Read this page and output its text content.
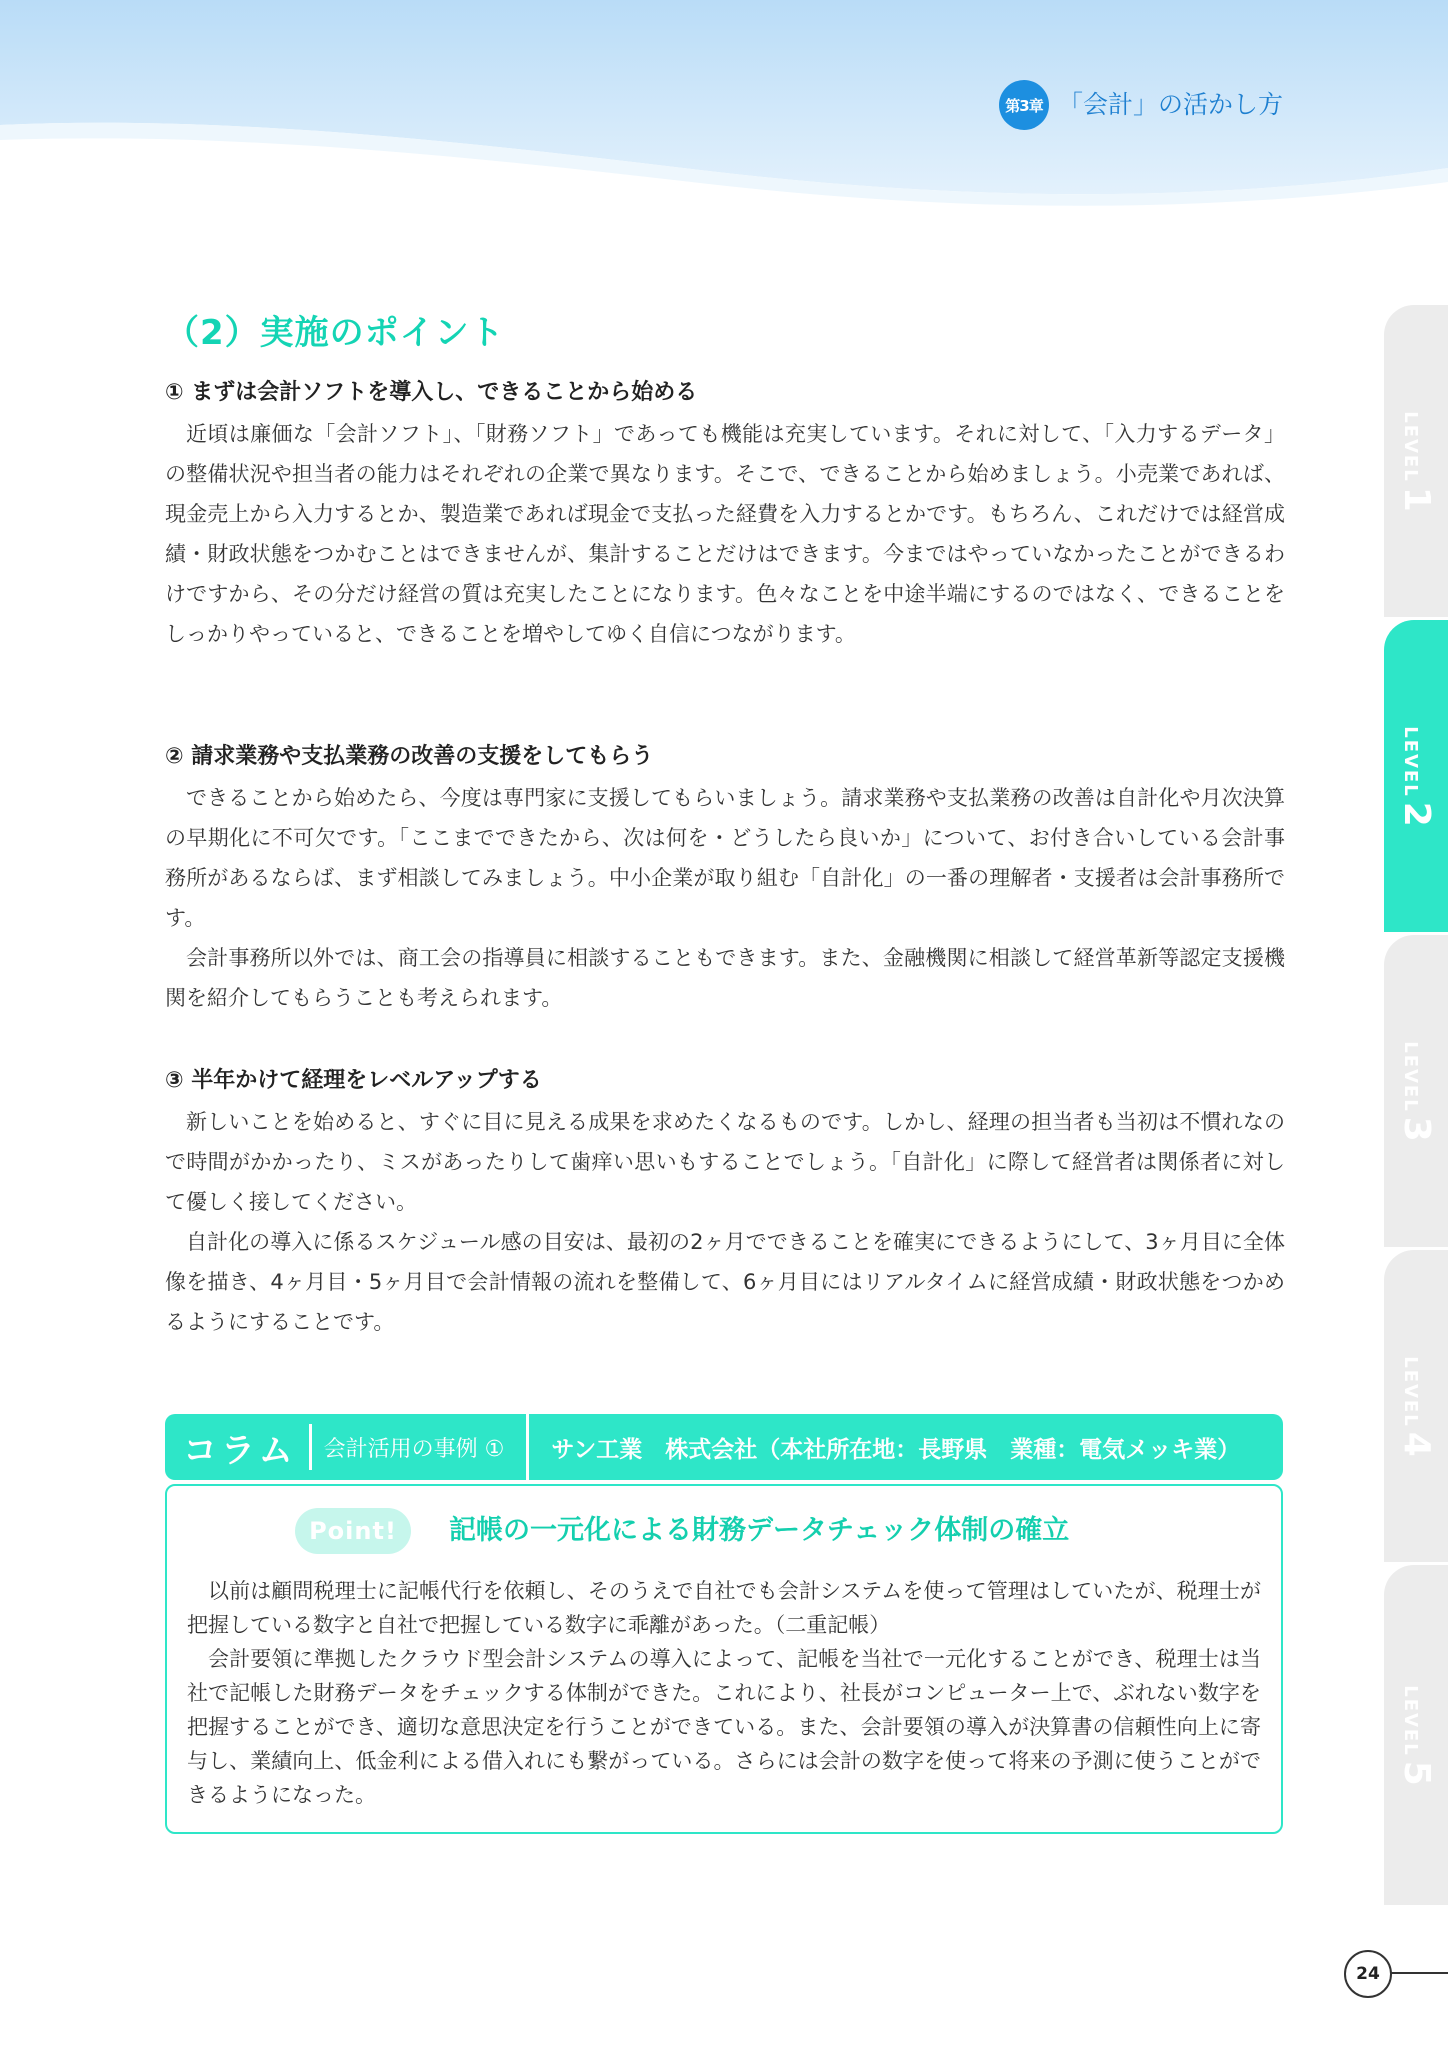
第3章 「会計」の活かし方
LEVEL
1
LEVEL
2
LEVEL
3
LEVEL
4
LEVEL
5
（2）実施のポイント
① まずは会計ソフトを導入し、できることから始める

近頃は廉価な「会計ソフト」、「財務ソフト」であっても機能は充実しています。それに対して、「入力するデータ」の整備状況や担当者の能力はそれぞれの企業で異なります。そこで、できることから始めましょう。小売業であれば、現金売上から入力するとか、製造業であれば現金で支払った経費を入力するとかです。もちろん、これだけでは経営成績・財政状態をつかむことはできませんが、集計することだけはできます。今まではやっていなかったことができるわけですから、その分だけ経営の質は充実したことになります。色々なことを中途半端にするのではなく、できることをしっかりやっていると、できることを増やしてゆく自信につながります。

② 請求業務や支払業務の改善の支援をしてもらう

できることから始めたら、今度は専門家に支援してもらいましょう。請求業務や支払業務の改善は自計化や月次決算の早期化に不可欠です。「ここまでできたから、次は何を・どうしたら良いか」について、お付き合いしている会計事務所があるならば、まず相談してみましょう。中小企業が取り組む「自計化」の一番の理解者・支援者は会計事務所です。

会計事務所以外では、商工会の指導員に相談することもできます。また、金融機関に相談して経営革新等認定支援機関を紹介してもらうことも考えられます。

③ 半年かけて経理をレベルアップする

新しいことを始めると、すぐに目に見える成果を求めたくなるものです。しかし、経理の担当者も当初は不慣れなので時間がかかったり、ミスがあったりして歯痒い思いもすることでしょう。「自計化」に際して経営者は関係者に対して優しく接してください。

自計化の導入に係るスケジュール感の目安は、最初の2ヶ月でできることを確実にできるようにして、3ヶ月目に全体像を描き、4ヶ月目・5ヶ月目で会計情報の流れを整備して、6ヶ月目にはリアルタイムに経営成績・財政状態をつかめるようにすることです。

コラム 会計活用の事例 ① サン工業　株式会社（本社所在地：長野県　業種：電気メッキ業）
Point!	記帳の一元化による財務データチェック体制の確立

以前は顧問税理士に記帳代行を依頼し、そのうえで自社でも会計システムを使って管理はしていたが、税理士が把握している数字と自社で把握している数字に乖離があった。（二重記帳）

会計要領に準拠したクラウド型会計システムの導入によって、記帳を当社で一元化することができ、税理士は当社で記帳した財務データをチェックする体制ができた。これにより、社長がコンピューター上で、ぶれない数字を把握することができ、適切な意思決定を行うことができている。また、会計要領の導入が決算書の信頼性向上に寄与し、業績向上、低金利による借入れにも繋がっている。さらには会計の数字を使って将来の予測に使うことができるようになった。

24
